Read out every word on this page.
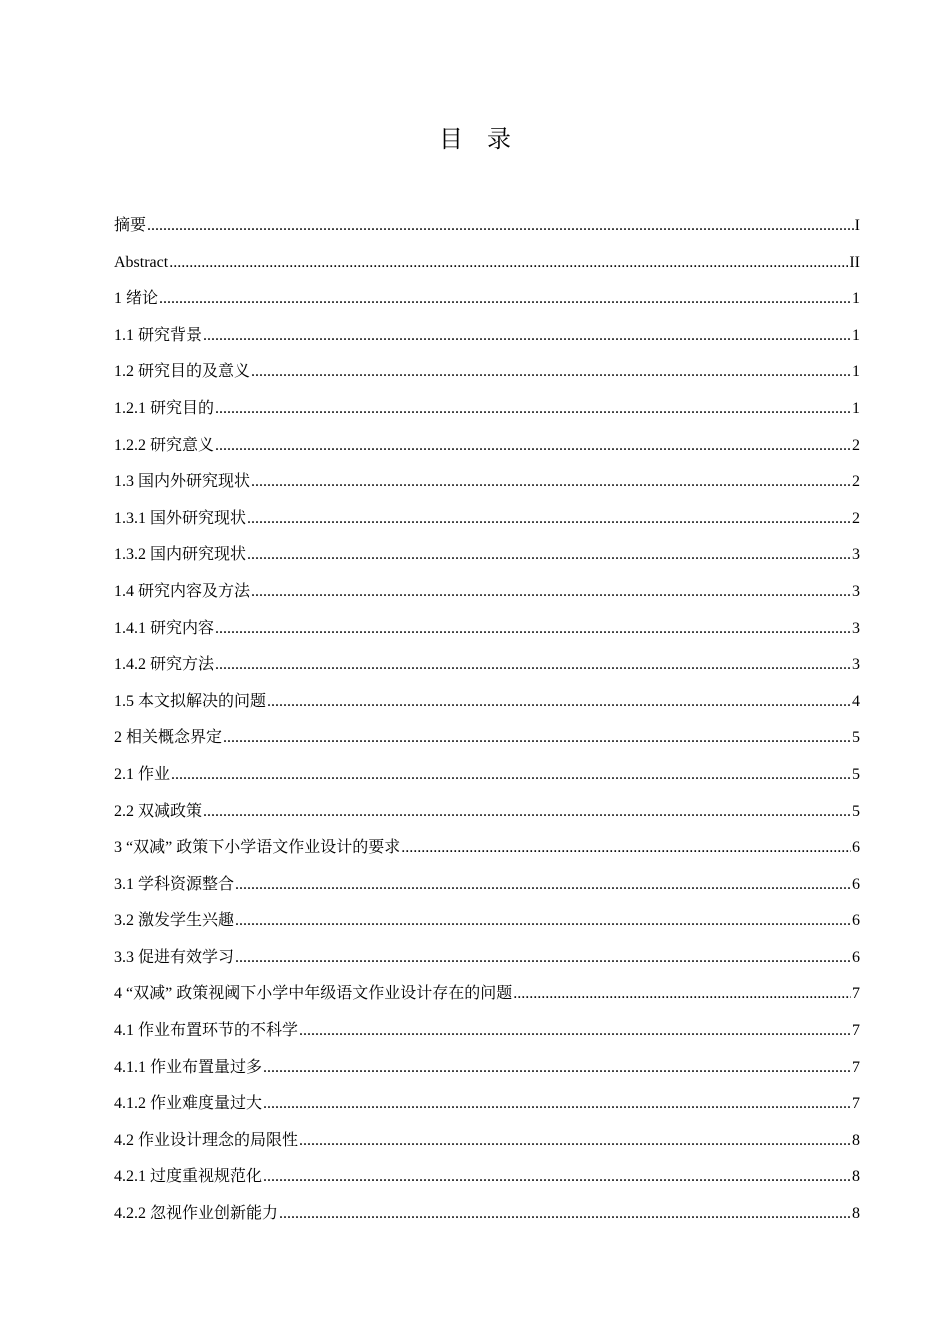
目 录
摘要 .....	I
Abstract .....	II
1 绪论 .....	1
1.1 研究背景 .....	1
1.2 研究目的及意义 .....	1
1.2.1 研究目的 .....	1
1.2.2 研究意义 .....	2
1.3 国内外研究现状 .....	2
1.3.1 国外研究现状 .....	2
1.3.2 国内研究现状 .....	3
1.4 研究内容及方法 .....	3
1.4.1 研究内容 .....	3
1.4.2 研究方法 .....	3
1.5 本文拟解决的问题 .....	4
2 相关概念界定 .....	5
2.1 作业 .....	5
2.2 双减政策 .....	5
3 “双减” 政策下小学语文作业设计的要求 .....	6
3.1 学科资源整合 .....	6
3.2 激发学生兴趣 .....	6
3.3 促进有效学习 .....	6
4 “双减” 政策视阈下小学中年级语文作业设计存在的问题 .....	7
4.1 作业布置环节的不科学 .....	7
4.1.1 作业布置量过多 .....	7
4.1.2 作业难度量过大 .....	7
4.2 作业设计理念的局限性 .....	8
4.2.1 过度重视规范化 .....	8
4.2.2 忽视作业创新能力 .....	8
